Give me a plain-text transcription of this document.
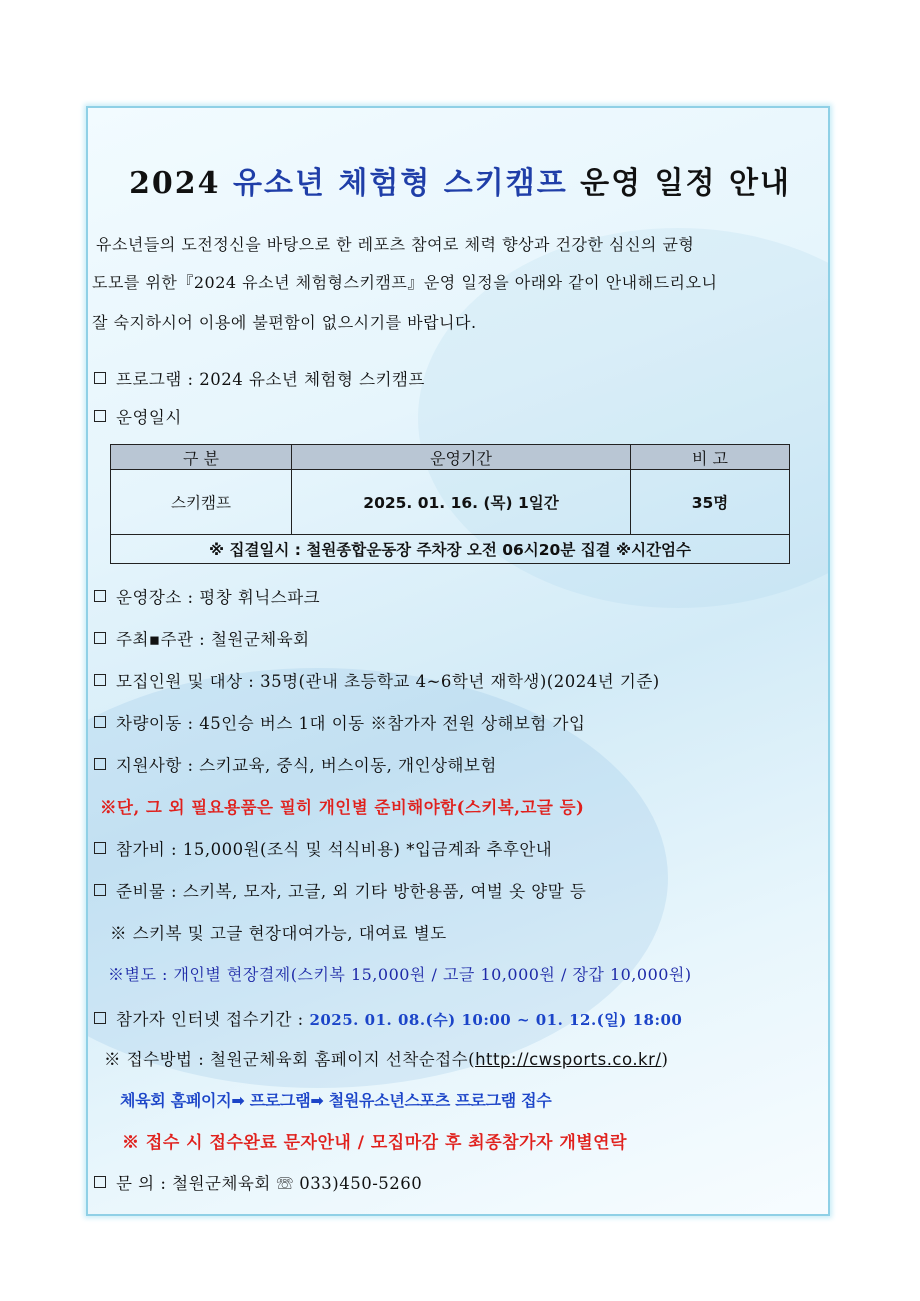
2024 유소년 체험형 스키캠프 운영 일정 안내
유소년들의 도전정신을 바탕으로 한 레포츠 참여로 체력 향상과 건강한 심신의 균형
도모를 위한『2024 유소년 체험형스키캠프』운영 일정을 아래와 같이 안내해드리오니
잘 숙지하시어 이용에 불편함이 없으시기를 바랍니다.
프로그램 : 2024 유소년 체험형 스키캠프
운영일시
구 분	운영기간	비 고
스키캠프	2025. 01. 16. (목) 1일간	35명
※ 집결일시 : 철원종합운동장 주차장 오전 06시20분 집결 ※시간엄수		
운영장소 : 평창 휘닉스파크
주최▪주관 : 철원군체육회
모집인원 및 대상 : 35명(관내 초등학교 4~6학년 재학생)(2024년 기준)
차량이동 : 45인승 버스 1대 이동 ※참가자 전원 상해보험 가입
지원사항 : 스키교육, 중식, 버스이동, 개인상해보험
※단, 그 외 필요용품은 필히 개인별 준비해야함(스키복,고글 등)
참가비 : 15,000원(조식 및 석식비용) *입금계좌 추후안내
준비물 : 스키복, 모자, 고글, 외 기타 방한용품, 여벌 옷 양말 등
※ 스키복 및 고글 현장대여가능, 대여료 별도
※별도 : 개인별 현장결제(스키복 15,000원 / 고글 10,000원 / 장갑 10,000원)
참가자 인터넷 접수기간 : 2025. 01. 08.(수) 10:00 ~ 01. 12.(일) 18:00
※ 접수방법 : 철원군체육회 홈페이지 선착순접수(http://cwsports.co.kr/)
체육회 홈페이지➡ 프로그램➡ 철원유소년스포츠 프로그램 접수
※ 접수 시 접수완료 문자안내 / 모집마감 후 최종참가자 개별연락
문 의 : 철원군체육회 ☏ 033)450-5260
